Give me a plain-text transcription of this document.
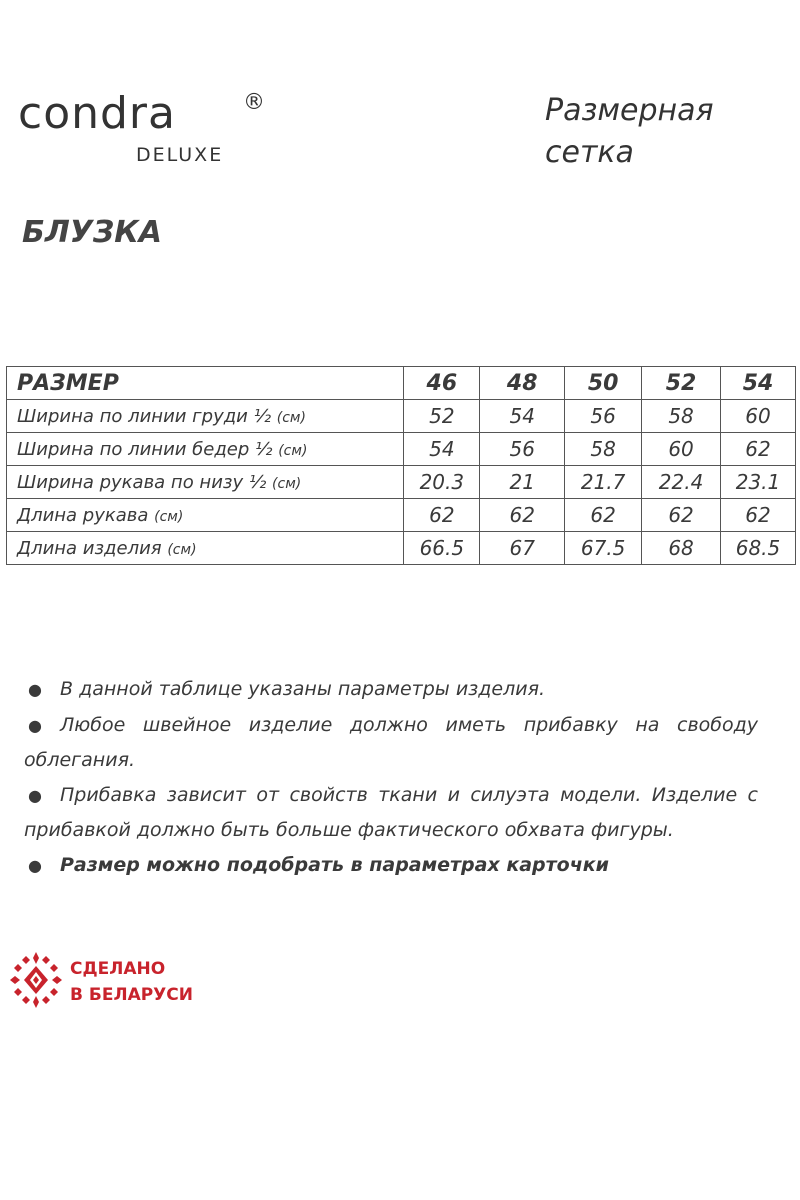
condra	®
DELUXE
Размерная сетка
БЛУЗКА
РАЗМЕР	46	48	50	52	54
Ширина по линии груди ½ (см)	52	54	56	58	60
Ширина по линии бедер ½ (см)	54	56	58	60	62
Ширина рукава по низу ½ (см)	20.3	21	21.7	22.4	23.1
Длина рукава (см)	62	62	62	62	62
Длина изделия (см)	66.5	67	67.5	68	68.5
● В данной таблице указаны параметры изделия.
● Любое швейное изделие должно иметь прибавку на свободу облегания.
● Прибавка зависит от свойств ткани и силуэта модели. Изделие с прибавкой должно быть больше фактического обхвата фигуры.
● Размер можно подобрать в параметрах карточки
СДЕЛАНО
В БЕЛАРУСИ
